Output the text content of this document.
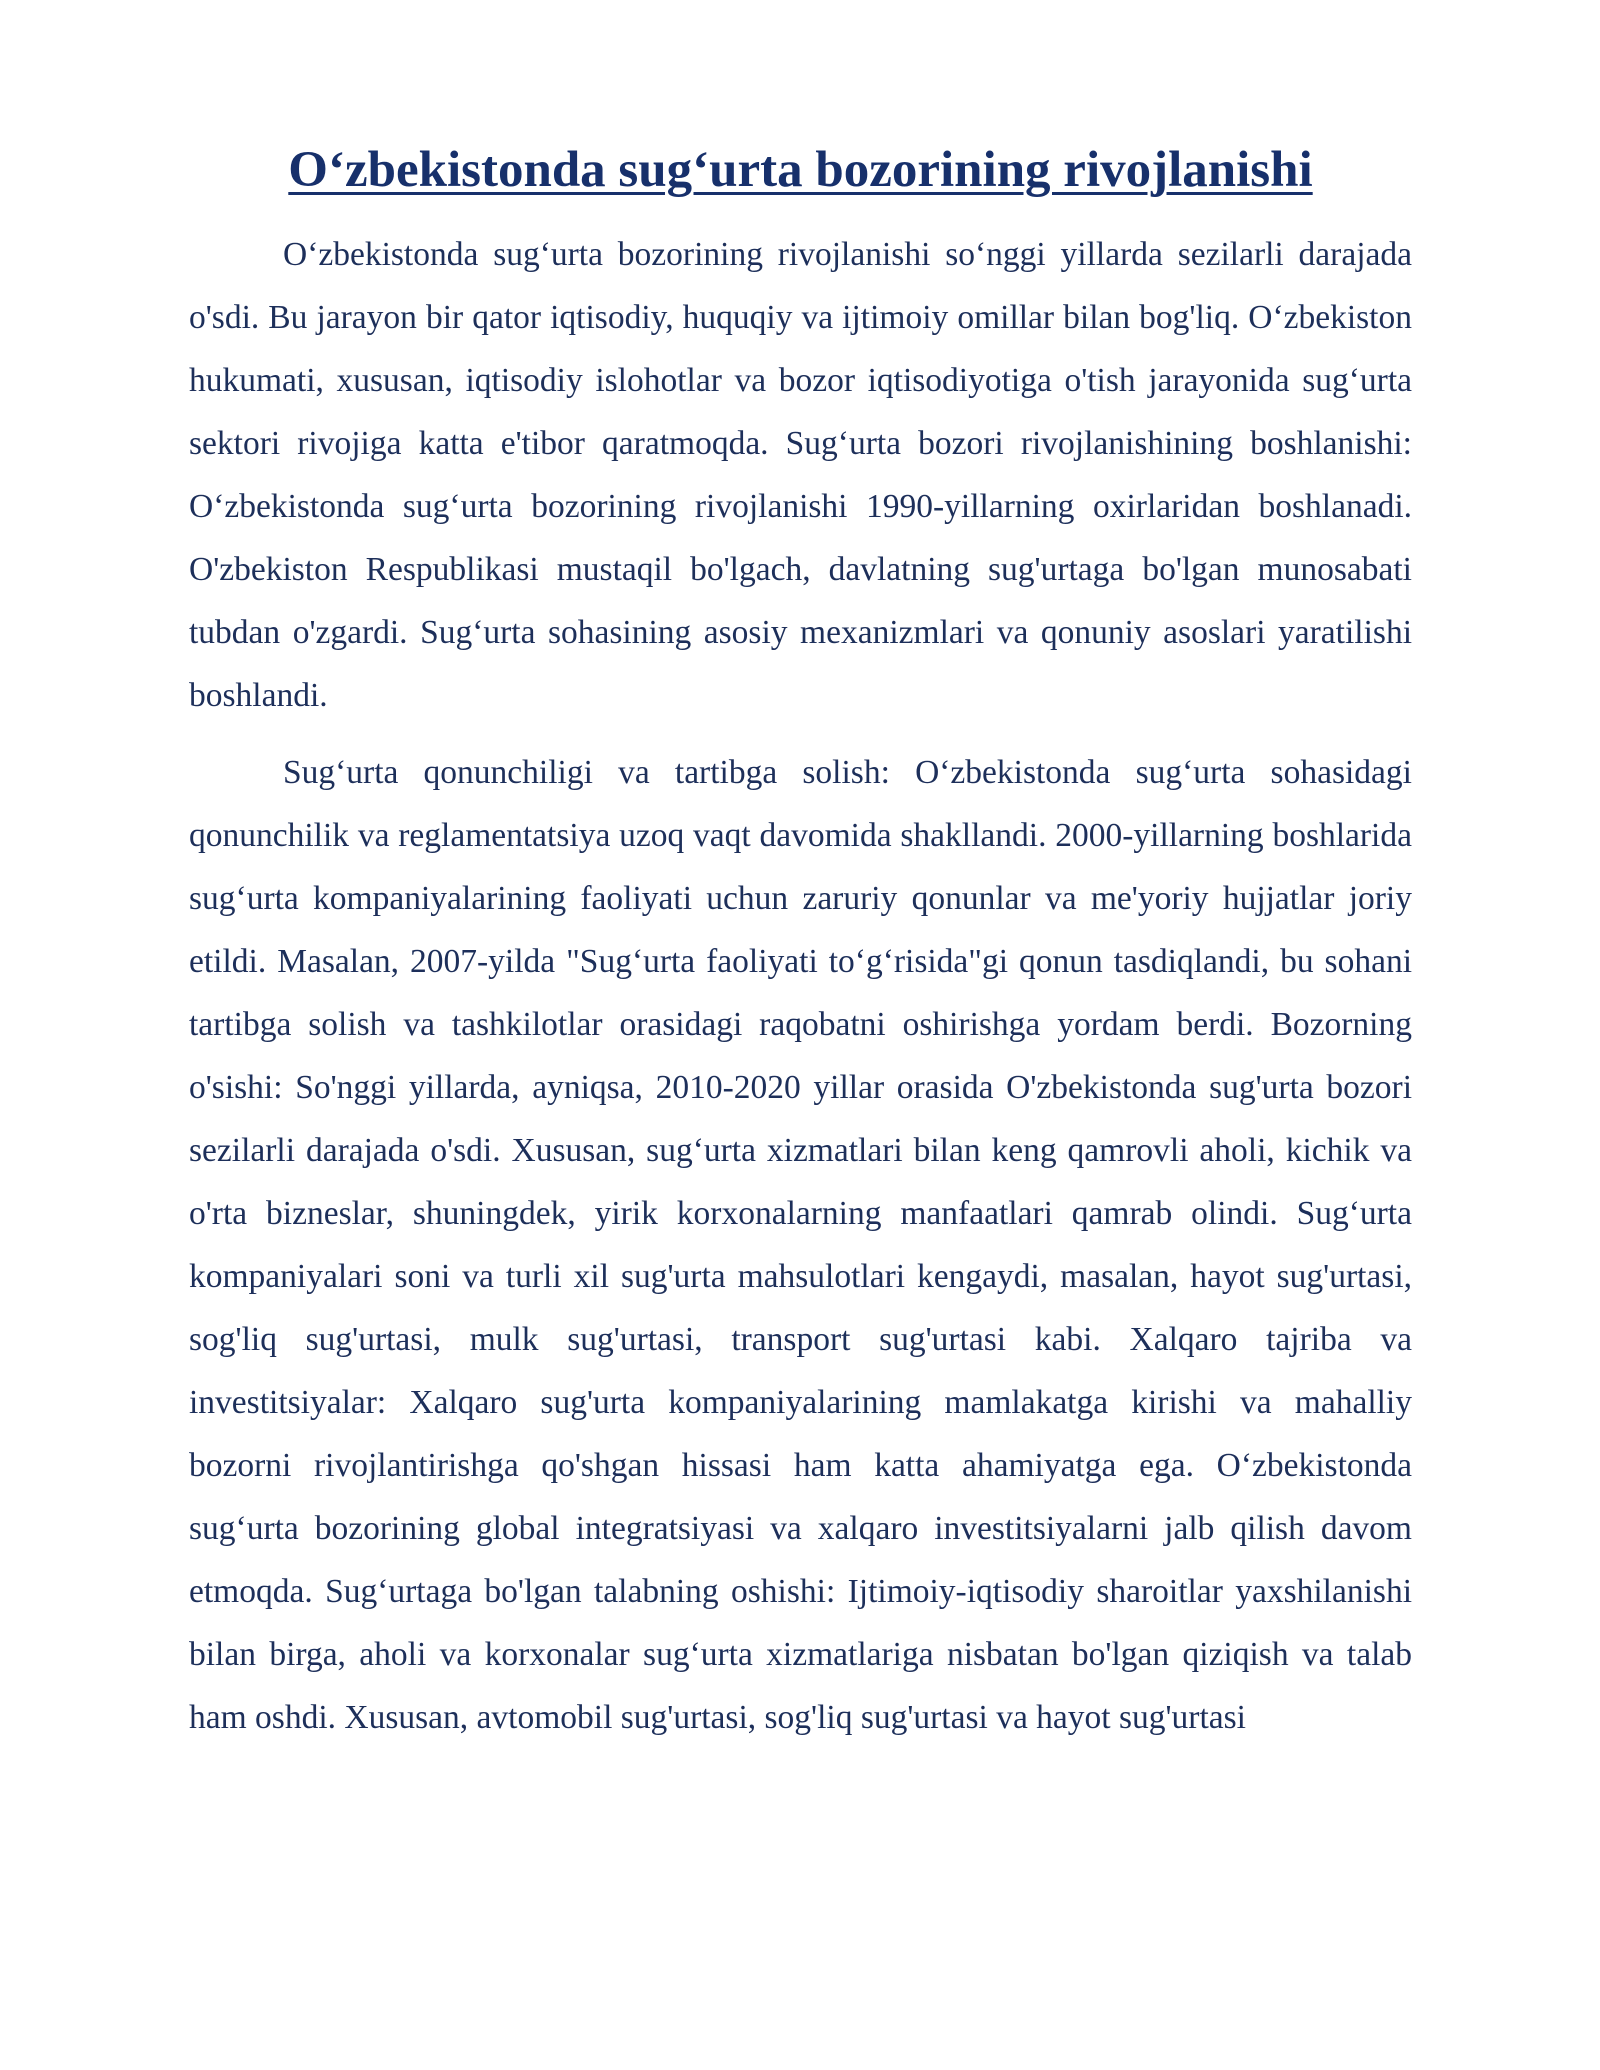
Oʻzbekistonda sugʻurta bozorining rivojlanishi

Oʻzbekistonda sugʻurta bozorining rivojlanishi soʻnggi yillarda sezilarli darajada o'sdi. Bu jarayon bir qator iqtisodiy, huquqiy va ijtimoiy omillar bilan bog'liq. Oʻzbekiston hukumati, xususan, iqtisodiy islohotlar va bozor iqtisodiyotiga o'tish jarayonida sugʻurta sektori rivojiga katta e'tibor qaratmoqda. Sugʻurta bozori rivojlanishining boshlanishi: Oʻzbekistonda sugʻurta bozorining rivojlanishi 1990-yillarning oxirlaridan boshlanadi. O'zbekiston Respublikasi mustaqil bo'lgach, davlatning sug'urtaga bo'lgan munosabati tubdan o'zgardi. Sugʻurta sohasining asosiy mexanizmlari va qonuniy asoslari yaratilishi boshlandi.

Sugʻurta qonunchiligi va tartibga solish: Oʻzbekistonda sugʻurta sohasidagi qonunchilik va reglamentatsiya uzoq vaqt davomida shakllandi. 2000-yillarning boshlarida sugʻurta kompaniyalarining faoliyati uchun zaruriy qonunlar va me'yoriy hujjatlar joriy etildi. Masalan, 2007-yilda "Sugʻurta faoliyati toʻgʻrisida"gi qonun tasdiqlandi, bu sohani tartibga solish va tashkilotlar orasidagi raqobatni oshirishga yordam berdi. Bozorning o'sishi: So'nggi yillarda, ayniqsa, 2010-2020 yillar orasida O'zbekistonda sug'urta bozori sezilarli darajada o'sdi. Xususan, sugʻurta xizmatlari bilan keng qamrovli aholi, kichik va o'rta bizneslar, shuningdek, yirik korxonalarning manfaatlari qamrab olindi. Sugʻurta kompaniyalari soni va turli xil sug'urta mahsulotlari kengaydi, masalan, hayot sug'urtasi, sog'liq sug'urtasi, mulk sug'urtasi, transport sug'urtasi kabi. Xalqaro tajriba va investitsiyalar: Xalqaro sug'urta kompaniyalarining mamlakatga kirishi va mahalliy bozorni rivojlantirishga qo'shgan hissasi ham katta ahamiyatga ega. Oʻzbekistonda sugʻurta bozorining global integratsiyasi va xalqaro investitsiyalarni jalb qilish davom etmoqda. Sugʻurtaga bo'lgan talabning oshishi: Ijtimoiy-iqtisodiy sharoitlar yaxshilanishi bilan birga, aholi va korxonalar sugʻurta xizmatlariga nisbatan bo'lgan qiziqish va talab ham oshdi. Xususan, avtomobil sug'urtasi, sog'liq sug'urtasi va hayot sug'urtasi
